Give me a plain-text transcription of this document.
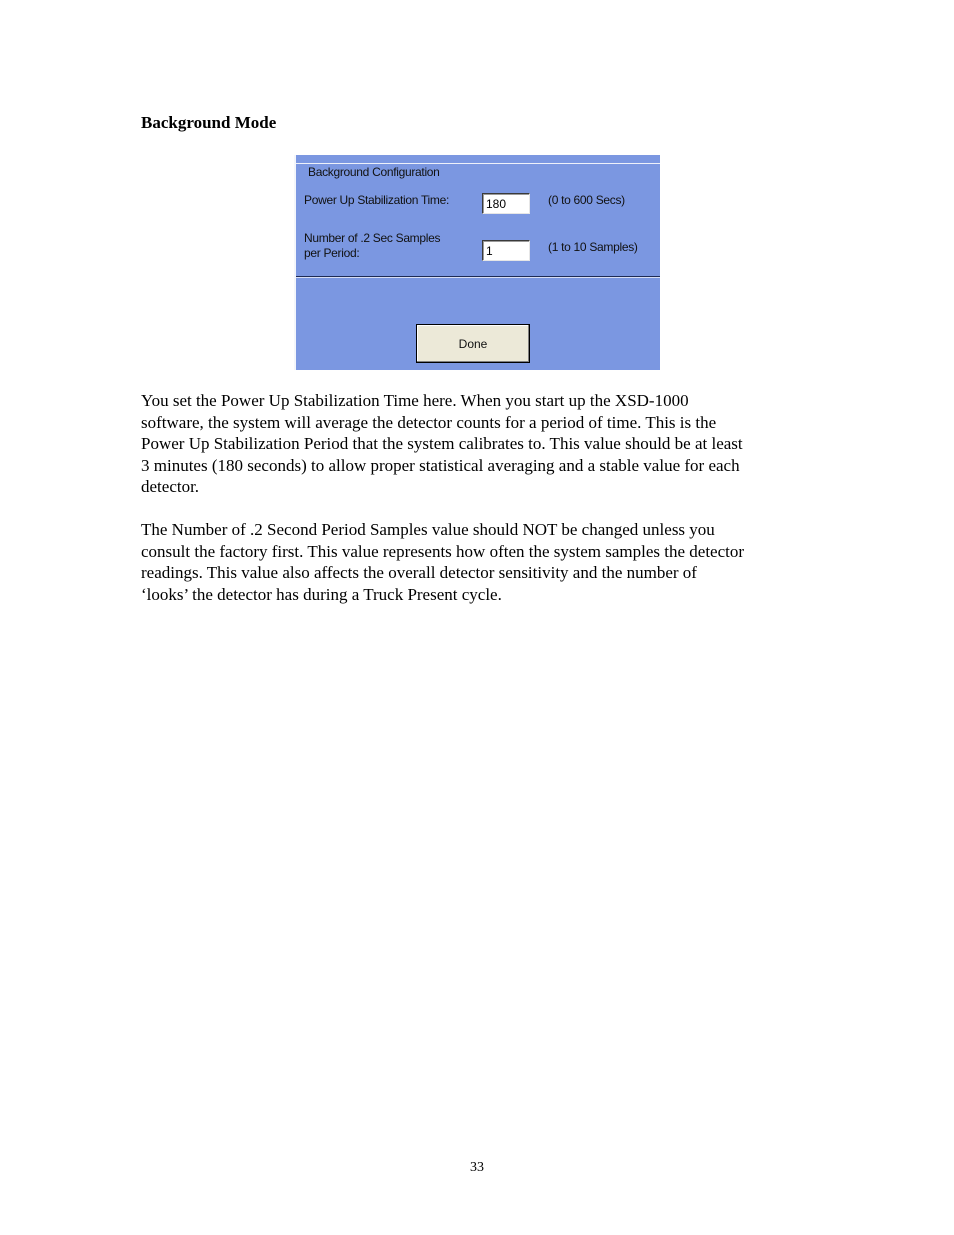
Background Mode
Background Configuration
Power Up Stabilization Time:
180	(0 to 600 Secs)
Number of .2 Sec Samples
per Period:
1	(1 to 10 Samples)
Done

You set the Power Up Stabilization Time here. When you start up the XSD-1000
software, the system will average the detector counts for a period of time. This is the
Power Up Stabilization Period that the system calibrates to. This value should be at least
3 minutes (180 seconds) to allow proper statistical averaging and a stable value for each
detector.

The Number of .2 Second Period Samples value should NOT be changed unless you
consult the factory first. This value represents how often the system samples the detector
readings. This value also affects the overall detector sensitivity and the number of
‘looks’ the detector has during a Truck Present cycle.

33
